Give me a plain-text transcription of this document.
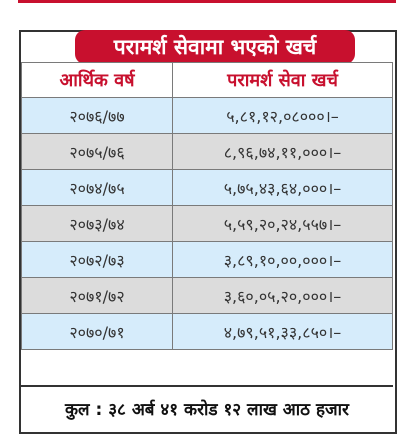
परामर्श सेवामा भएको खर्च
आर्थिक वर्ष	परामर्श सेवा खर्च
२०७६/७७	५,८१,१२,०८०००।–
२०७५/७६	८,९६,७४,११,०००।–
२०७४/७५	५,७५,४३,६४,०००।–
२०७३/७४	५,५९,२०,२४,५५७।–
२०७२/७३	३,८९,१०,००,०००।–
२०७१/७२	३,६०,०५,२०,०००।–
२०७०/७१	४,७९,५१,३३,८५०।–
कुल : ३८ अर्ब ४१ करोड १२ लाख आठ हजार
